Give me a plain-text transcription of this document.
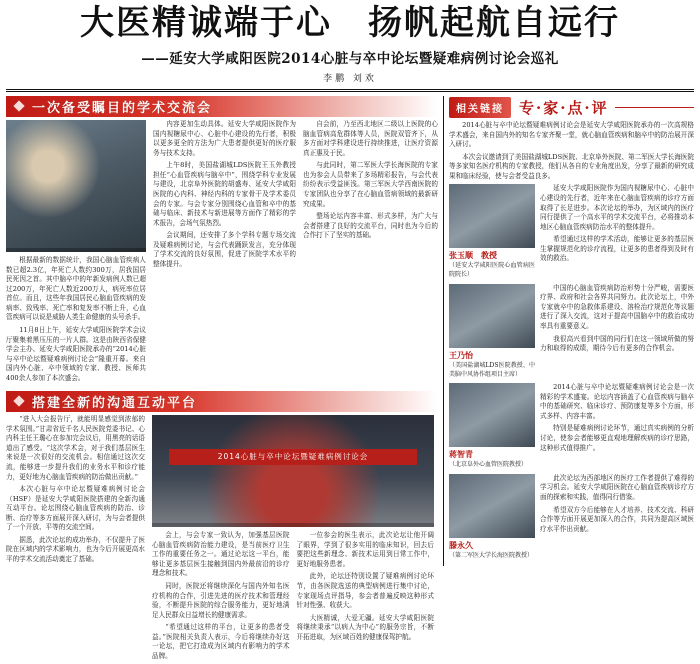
大医精诚端于心　扬帆起航自远行
——延安大学咸阳医院2014心脏与卒中论坛暨疑难病例讨论会巡礼
李鹏 刘欢
一次备受瞩目的学术交流会

根据最新的数据统计，我国心脑血管疾病人数已超2.3亿，年死亡人数约300万，居我国居民死因之首。其中脑卒中的年新发病例人数已超过200万，年死亡人数近200万人，病死率位居首位。而且，这些年我国居民心脑血管疾病的发病率、致残率、死亡率和复发率不断上升，心血管疾病可以说是威胁人类生命健康的头号杀手。

11月8日上午，延安大学咸阳医院学术会议厅聚集着黑压压的一片人群。这是由陕西省保健学会主办、延安大学咸阳医院承办的“2014心脏与卒中论坛暨疑难病例讨论会”隆重开幕。来自国内外心脏、卒中领域的专家、教授、医师共400余人参加了本次盛会。

内容更加生动具体。延安大学咸阳医院作为国内视糖尿中心、心脏中心建设的先行者，积极以更多更全的方法为广大患者提供更好的医疗服务与技术支持。

上午8时，美国盐湖城LDS医院王玉外教授担任“心血管疾病与脑卒中”，围绕学科专业发展与建设，北京阜外医院的胡盛寿、延安大学咸阳医院的心内科、神经内科的专家骨干及学术委员会的专家。与会专家分别围绕心血管和卒中的基础与临床、新技术与新进展等方面作了精彩的学术报告，会场气氛热烈。

会议期间，还安排了多个学科专题专场交流及疑难病例讨论，与会代表踊跃发言，充分体现了学术交流的良好氛围，促进了医院学术水平的整体提升。

自会前，乃至西北地区二级以上医院的心脑血管病高危群体等人员，医院双管齐下，从多方面对学科建设进行持续推进，让医疗资源真正惠及于民。

与此同时，第二军医大学长海医院的专家也为参会人员带来了多场精彩报告，与会代表纷纷表示受益匪浅。第三军医大学西南医院的专家团队也分享了在心脑血管病领域的最新研究成果。

整场论坛内容丰富、形式多样，为广大与会者搭建了良好的交流平台，同时也为今后的合作打下了坚实的基础。

搭建全新的沟通互动平台

“进入大会报告厅，就能明显感觉到浓郁的学术氛围。”甘肃省近千名人民医院党委书记、心内科主任王璐心在参加完会议后，用黑亮的话语道出了感受。“这次学术会，对于我们基层医生来说是一次很好的交流机会。相信通过这次交流，能够进一步提升我们的业务水平和诊疗能力，更好地为心脑血管疾病的防治做出贡献。”

本次心脏与卒中论坛暨疑难病例讨论会（HSF）是延安大学咸阳医院搭建的全新沟通互动平台。论坛围绕心脑血管疾病的防治、诊断、治疗等多方面展开深入研讨，为与会者提供了一个开放、平等的交流空间。

据悉，此次论坛的成功举办，不仅提升了医院在区域内的学术影响力，也为今后开展更高水平的学术交流活动奠定了基础。

2014心脏与卒中论坛暨疑难病例讨论会

会上，与会专家一致认为，加强基层医院心脑血管疾病防治能力建设，是当前医疗卫生工作的重要任务之一。通过论坛这一平台，能够让更多基层医生接触到国内外最前沿的诊疗理念和技术。

同时，医院还将继续深化与国内外知名医疗机构的合作，引进先进的医疗技术和管理经验，不断提升医院的综合服务能力，更好地满足人民群众日益增长的健康需求。

“希望通过这样的平台，让更多的患者受益。”医院相关负责人表示，今后将继续办好这一论坛，把它打造成为区域内有影响力的学术品牌。

一位参会的医生表示，此次论坛让他开阔了眼界，学到了很多实用的临床知识，回去后要把这些新理念、新技术运用到日常工作中，更好地服务患者。

此外，论坛还特别设置了疑难病例讨论环节，由各医院选送的典型病例进行集中讨论，专家现场点评指导，参会者普遍反映这种形式针对性强、收获大。

大医精诚，大爱无疆。延安大学咸阳医院将继续秉承“以病人为中心”的服务宗旨，不断开拓进取，为区域百姓的健康保驾护航。

相关链接	专·家·点·评

2014心脏与卒中论坛暨疑难病例讨论会是延安大学咸阳医院承办的一次高规格学术盛会，来自国内外的知名专家齐聚一堂，就心脑血管疾病和脑卒中的防治展开深入研讨。

本次会议邀请到了美国盐湖城LDS医院、北京阜外医院、第二军医大学长海医院等多家知名医疗机构的专家教授，他们从各自的专业角度出发，分享了最新的研究成果和临床经验，使与会者受益良多。

张玉顺　教授
（延安大学咸阳医院心血管病医院院长）

延安大学咸阳医院作为国内视糖尿中心、心脏中心建设的先行者，近年来在心脑血管疾病的诊疗方面取得了长足进步。本次论坛的举办，为区域内的医疗同行提供了一个高水平的学术交流平台，必将推动本地区心脑血管疾病防治水平的整体提升。

希望通过这样的学术活动，能够让更多的基层医生掌握规范化的诊疗流程，让更多的患者得到及时有效的救治。

王乃怡
（美国盐湖城LDS医院教授、中美脑中风协作组项目主席）

中国的心脑血管疾病防治形势十分严峻，需要医疗界、政府和社会各界共同努力。此次论坛上，中外专家就卒中的急救体系建设、溶栓治疗规范化等议题进行了深入交流，这对于提高中国脑卒中的救治成功率具有重要意义。

我很高兴看到中国的同行们在这一领域所做的努力和取得的成绩，期待今后有更多的合作机会。

蒋智青
（北京阜外心血管医院教授）

2014心脏与卒中论坛暨疑难病例讨论会是一次精彩的学术盛宴。论坛内容涵盖了心血管疾病与脑卒中的基础研究、临床诊疗、预防康复等多个方面，形式多样、内容丰富。

特别是疑难病例讨论环节，通过真实病例的分析讨论，使参会者能够更直观地理解疾病的诊疗思路，这种形式值得推广。

滕永久
（第二军医大学长海医院教授）

此次论坛为西部地区的医疗工作者提供了难得的学习机会。延安大学咸阳医院在心脑血管疾病诊疗方面的探索和实践，值得同行借鉴。

希望双方今后能够在人才培养、技术交流、科研合作等方面开展更加深入的合作，共同为提高区域医疗水平作出贡献。
